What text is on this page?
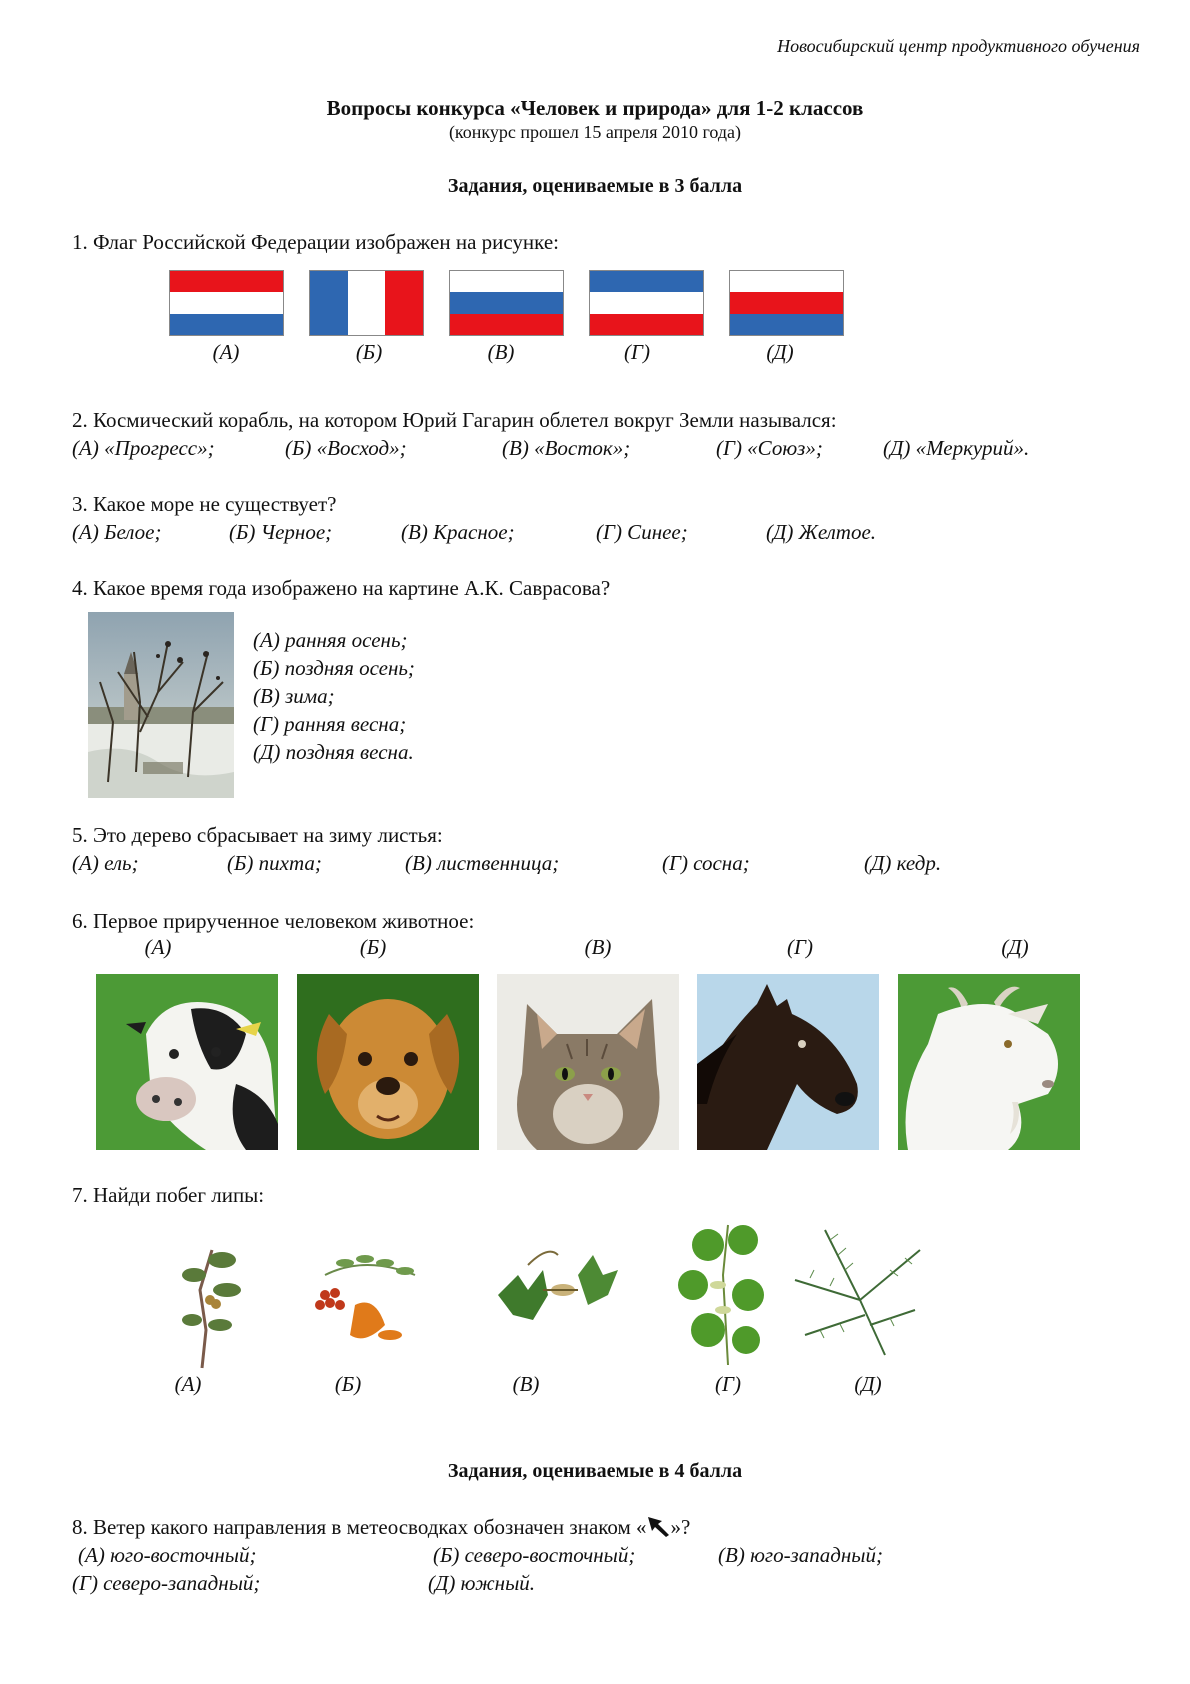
Новосибирский центр продуктивного обучения
Вопросы конкурса «Человек и природа» для 1-2 классов
(конкурс прошел 15 апреля 2010 года)
Задания, оцениваемые в 3 балла
1. Флаг Российской Федерации изображен на рисунке:
(А)	(Б)	(В)	(Г)	(Д)
2. Космический корабль, на котором Юрий Гагарин облетел вокруг Земли назывался:
(А) «Прогресс»;	(Б) «Восход»;	(В) «Восток»;	(Г) «Союз»;	(Д) «Меркурий».
3. Какое море не существует?
(А) Белое;	(Б) Черное;	(В) Красное;	(Г) Синее;	(Д) Желтое.
4. Какое время года изображено на картине А.К. Саврасова?
(А) ранняя осень;
(Б) поздняя осень;
(В) зима;
(Г) ранняя весна;
(Д) поздняя весна.
5. Это дерево сбрасывает на зиму листья:
(А) ель;	(Б) пихта;	(В) лиственница;	(Г) сосна;	(Д) кедр.
6. Первое прирученное человеком животное:
(А)	(Б)	(В)	(Г)	(Д)
7. Найди побег липы:
(А)	(Б)	(В)	(Г)	(Д)
Задания, оцениваемые в 4 балла
8. Ветер какого направления в метеосводках обозначен знаком « »?
(А) юго-восточный;	(Б) северо-восточный;	(В) юго-западный;
(Г) северо-западный;	(Д) южный.
